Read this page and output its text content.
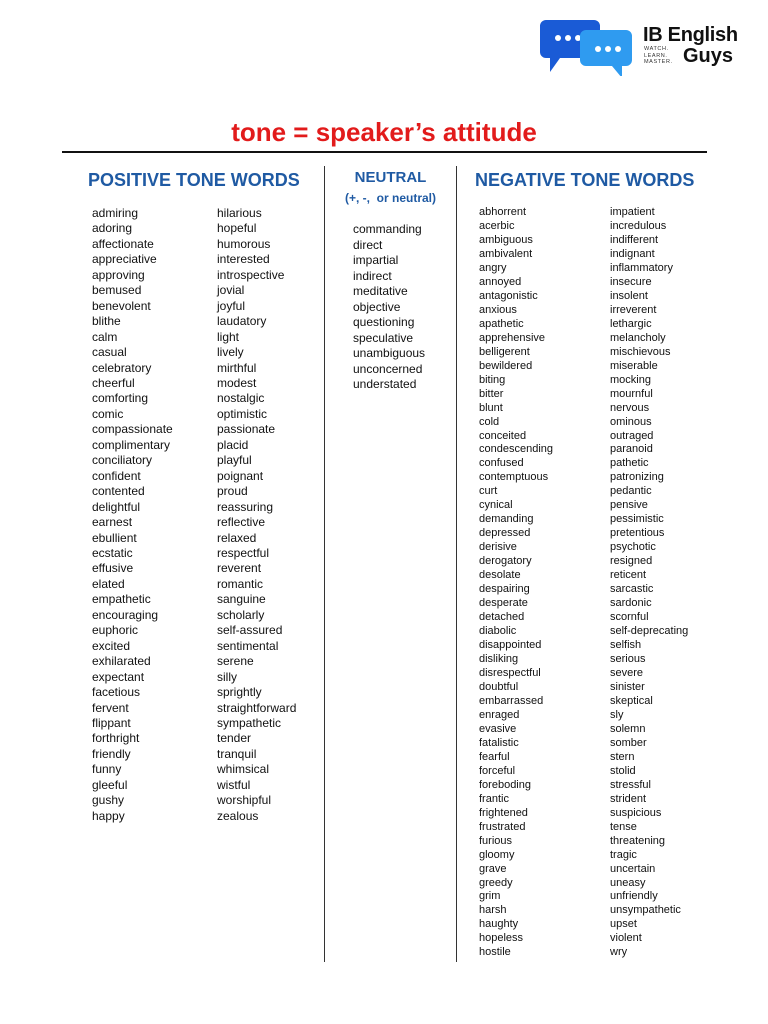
IB English
WATCH.
LEARN.
MASTER. Guys
tone = speaker’s attitude
POSITIVE TONE WORDS
admiring
adoring
affectionate
appreciative
approving
bemused
benevolent
blithe
calm
casual
celebratory
cheerful
comforting
comic
compassionate
complimentary
conciliatory
confident
contented
delightful
earnest
ebullient
ecstatic
effusive
elated
empathetic
encouraging
euphoric
excited
exhilarated
expectant
facetious
fervent
flippant
forthright
friendly
funny
gleeful
gushy
happy
hilarious
hopeful
humorous
interested
introspective
jovial
joyful
laudatory
light
lively
mirthful
modest
nostalgic
optimistic
passionate
placid
playful
poignant
proud
reassuring
reflective
relaxed
respectful
reverent
romantic
sanguine
scholarly
self-assured
sentimental
serene
silly
sprightly
straightforward
sympathetic
tender
tranquil
whimsical
wistful
worshipful
zealous
NEUTRAL
(+, -,  or neutral)
commanding
direct
impartial
indirect
meditative
objective
questioning
speculative
unambiguous
unconcerned
understated
NEGATIVE TONE WORDS
abhorrent
acerbic
ambiguous
ambivalent
angry
annoyed
antagonistic
anxious
apathetic
apprehensive
belligerent
bewildered
biting
bitter
blunt
cold
conceited
condescending
confused
contemptuous
curt
cynical
demanding
depressed
derisive
derogatory
desolate
despairing
desperate
detached
diabolic
disappointed
disliking
disrespectful
doubtful
embarrassed
enraged
evasive
fatalistic
fearful
forceful
foreboding
frantic
frightened
frustrated
furious
gloomy
grave
greedy
grim
harsh
haughty
hopeless
hostile
impatient
incredulous
indifferent
indignant
inflammatory
insecure
insolent
irreverent
lethargic
melancholy
mischievous
miserable
mocking
mournful
nervous
ominous
outraged
paranoid
pathetic
patronizing
pedantic
pensive
pessimistic
pretentious
psychotic
resigned
reticent
sarcastic
sardonic
scornful
self-deprecating
selfish
serious
severe
sinister
skeptical
sly
solemn
somber
stern
stolid
stressful
strident
suspicious
tense
threatening
tragic
uncertain
uneasy
unfriendly
unsympathetic
upset
violent
wry
